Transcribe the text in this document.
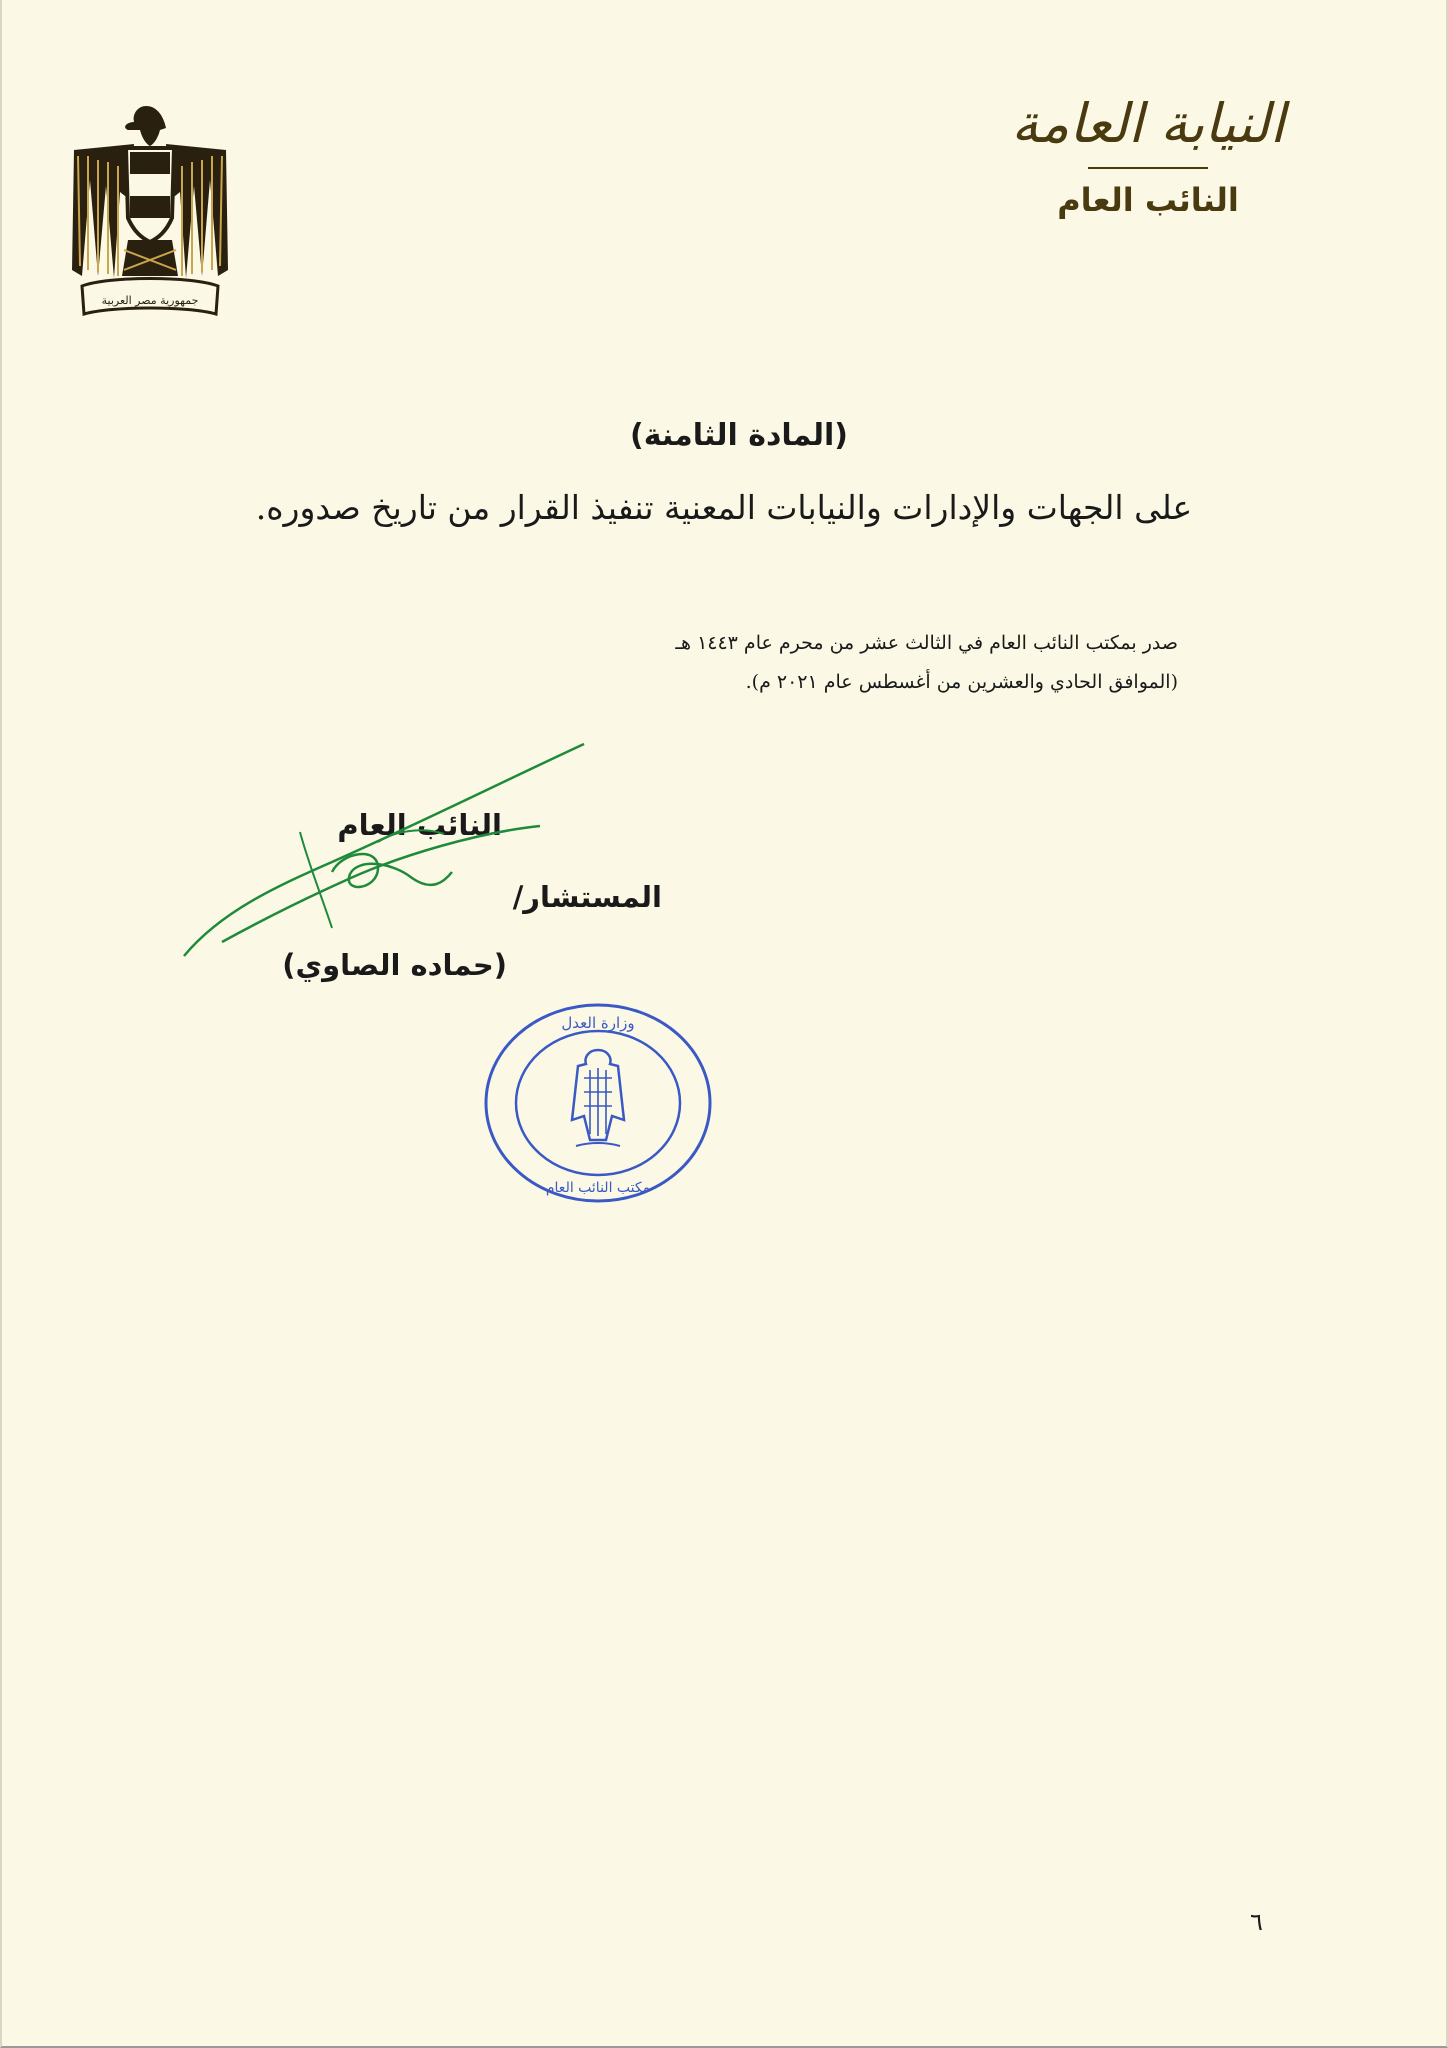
جمهورية مصر العربية
النيابة العامة
النائب العام
(المادة الثامنة)
على الجهات والإدارات والنيابات المعنية تنفيذ القرار من تاريخ صدوره.
صدر بمكتب النائب العام في الثالث عشر من محرم عام ١٤٤٣ هـ
(الموافق الحادي والعشرين من أغسطس عام ٢٠٢١ م).
النائب العام
المستشار/
(حماده الصاوي)
وزارة العدل
مكتب النائب العام
٦
